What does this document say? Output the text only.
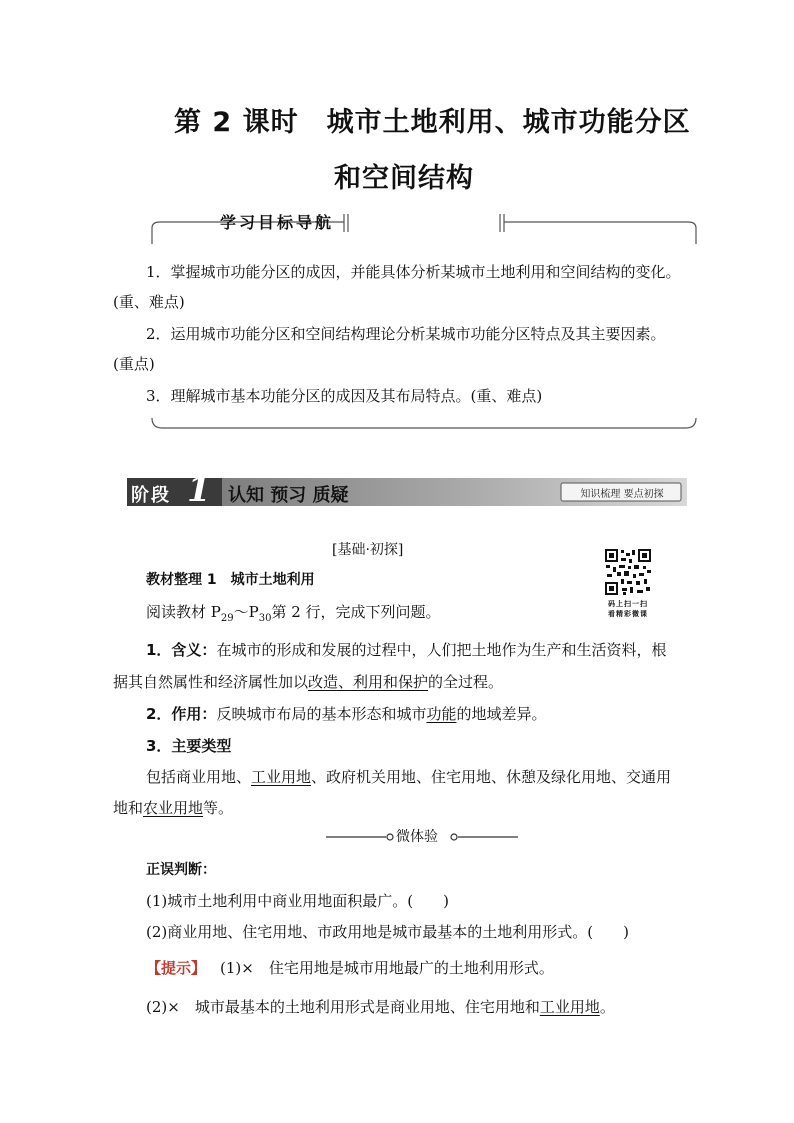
第 2 课时　城市土地利用、城市功能分区
和空间结构
学习目标导航
1．掌握城市功能分区的成因，并能具体分析某城市土地利用和空间结构的变化。
(重、难点)
2．运用城市功能分区和空间结构理论分析某城市功能分区特点及其主要因素。
(重点)
3．理解城市基本功能分区的成因及其布局特点。(重、难点)
阶段 1 认知 预习 质疑	知识梳理 要点初探
[基础·初探]
教材整理 1　城市土地利用
码上扫一扫
看精彩微课
阅读教材 $P_{29}\sim P_{30}$第 2 行，完成下列问题。
1．含义：在城市的形成和发展的过程中，人们把土地作为生产和生活资料，根
据其自然属性和经济属性加以改造、利用和保护的全过程。
2．作用：反映城市布局的基本形态和城市功能的地域差异。
3．主要类型
包括商业用地、工业用地、政府机关用地、住宅用地、休憩及绿化用地、交通用
地和农业用地等。
微体验
正误判断：
(1)城市土地利用中商业用地面积最广。(　　)
(2)商业用地、住宅用地、市政用地是城市最基本的土地利用形式。(　　)
【提示】 (1)×　住宅用地是城市用地最广的土地利用形式。
(2)×　城市最基本的土地利用形式是商业用地、住宅用地和工业用地。
